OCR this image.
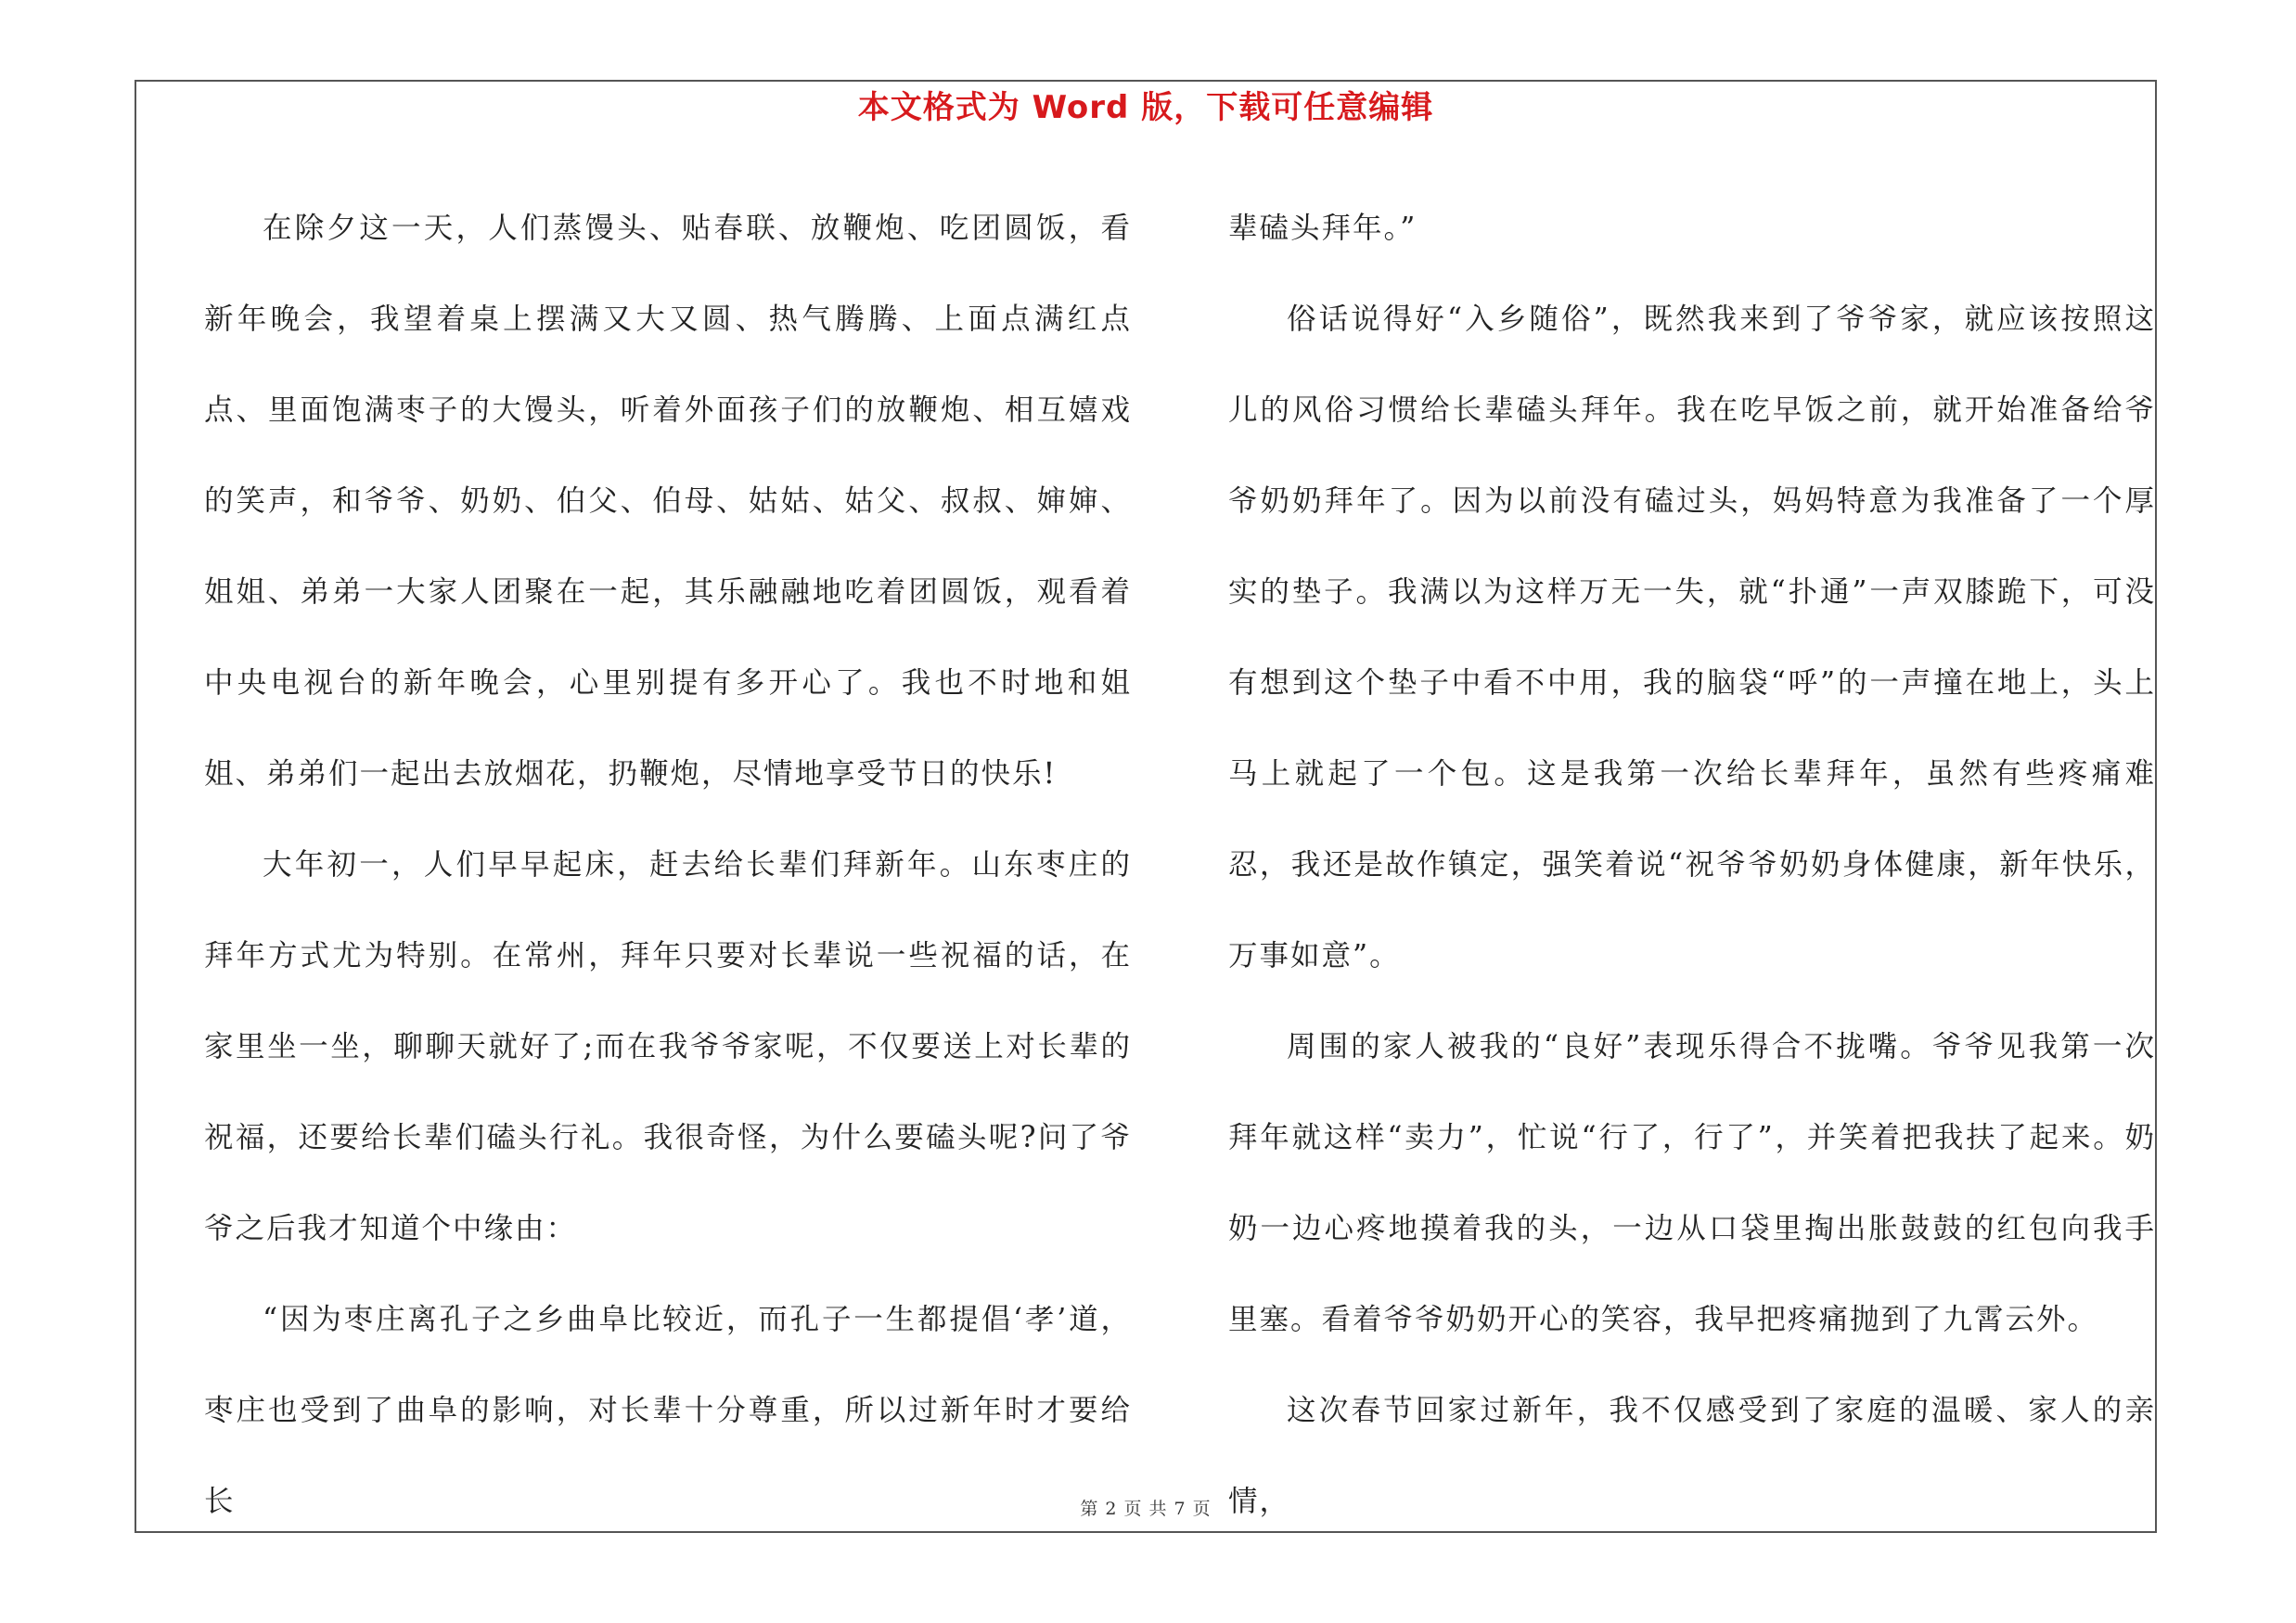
本文格式为 Word 版，下载可任意编辑

在除夕这一天，人们蒸馒头、贴春联、放鞭炮、吃团圆饭，看新年晚会，我望着桌上摆满又大又圆、热气腾腾、上面点满红点点、里面饱满枣子的大馒头，听着外面孩子们的放鞭炮、相互嬉戏的笑声，和爷爷、奶奶、伯父、伯母、姑姑、姑父、叔叔、婶婶、姐姐、弟弟一大家人团聚在一起，其乐融融地吃着团圆饭，观看着中央电视台的新年晚会，心里别提有多开心了。我也不时地和姐姐、弟弟们一起出去放烟花，扔鞭炮，尽情地享受节日的快乐!

大年初一，人们早早起床，赶去给长辈们拜新年。山东枣庄的拜年方式尤为特别。在常州，拜年只要对长辈说一些祝福的话，在家里坐一坐，聊聊天就好了;而在我爷爷家呢，不仅要送上对长辈的祝福，还要给长辈们磕头行礼。我很奇怪，为什么要磕头呢?问了爷爷之后我才知道个中缘由：

“因为枣庄离孔子之乡曲阜比较近，而孔子一生都提倡‘孝’道，枣庄也受到了曲阜的影响，对长辈十分尊重，所以过新年时才要给长

辈磕头拜年。”

俗话说得好“入乡随俗”，既然我来到了爷爷家，就应该按照这儿的风俗习惯给长辈磕头拜年。我在吃早饭之前，就开始准备给爷爷奶奶拜年了。因为以前没有磕过头，妈妈特意为我准备了一个厚实的垫子。我满以为这样万无一失，就“扑通”一声双膝跪下，可没有想到这个垫子中看不中用，我的脑袋“呼”的一声撞在地上，头上马上就起了一个包。这是我第一次给长辈拜年，虽然有些疼痛难忍，我还是故作镇定，强笑着说“祝爷爷奶奶身体健康，新年快乐，万事如意”。

周围的家人被我的“良好”表现乐得合不拢嘴。爷爷见我第一次拜年就这样“卖力”，忙说“行了，行了”，并笑着把我扶了起来。奶奶一边心疼地摸着我的头，一边从口袋里掏出胀鼓鼓的红包向我手里塞。看着爷爷奶奶开心的笑容，我早把疼痛抛到了九霄云外。

这次春节回家过新年，我不仅感受到了家庭的温暖、家人的亲情，

第 2 页 共 7 页
